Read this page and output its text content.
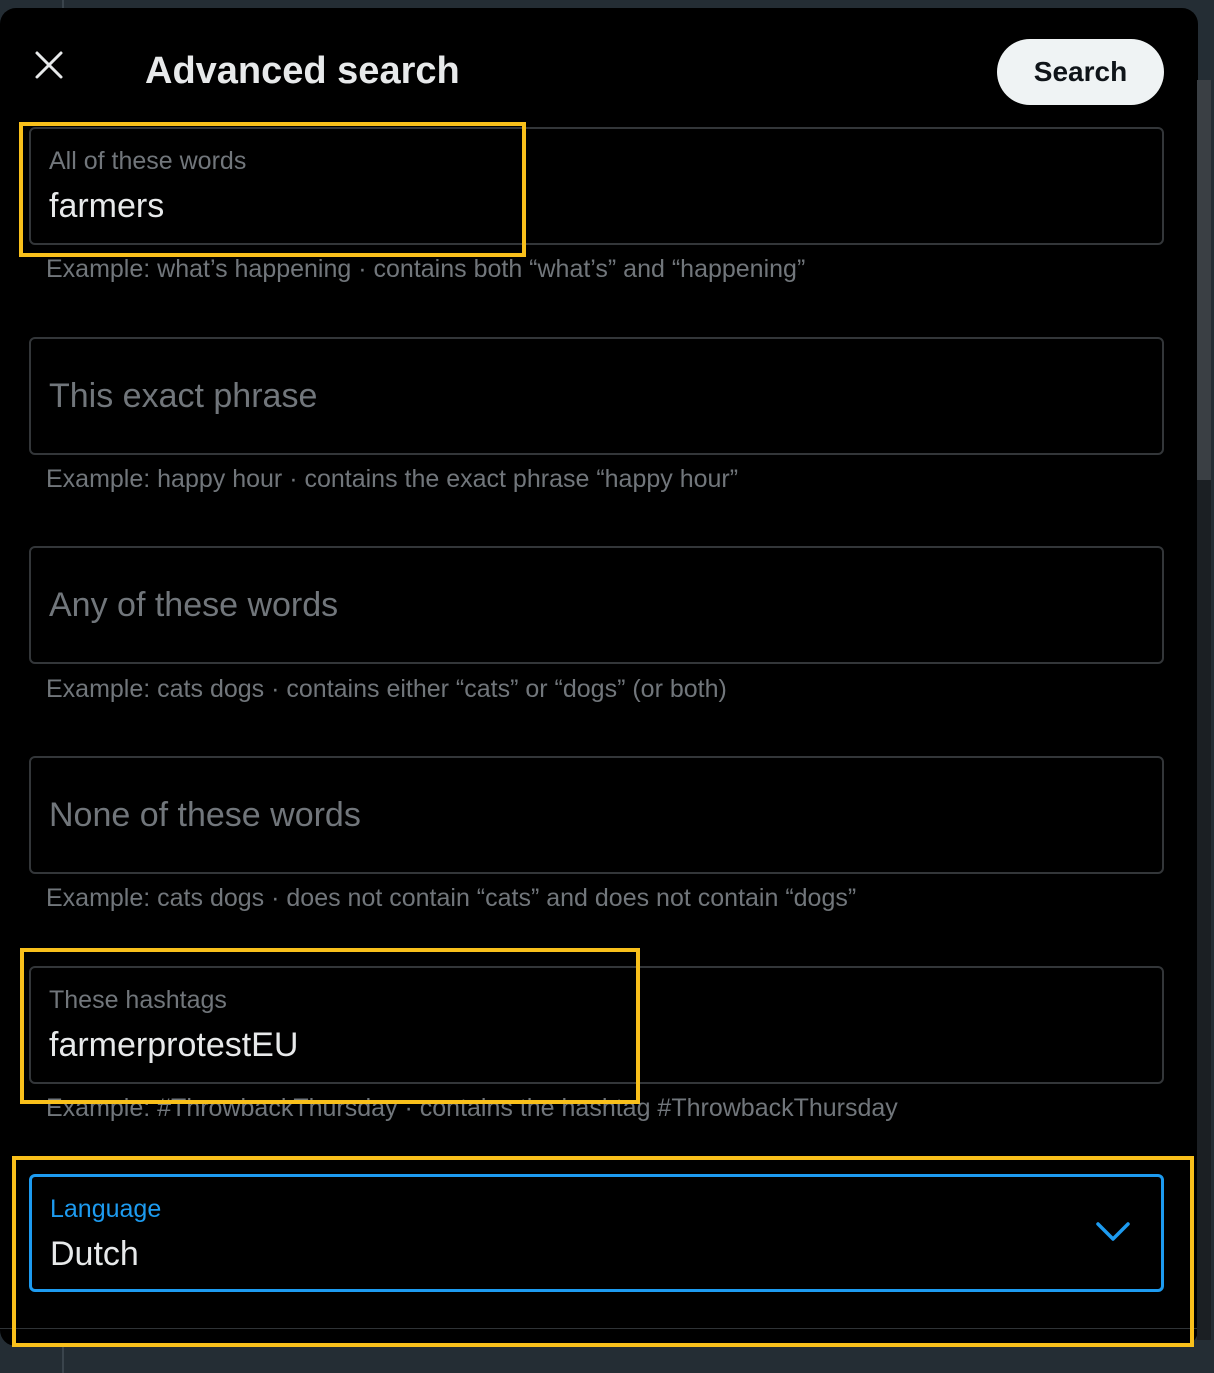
Advanced search	Search
All of these words
farmers
Example: what’s happening · contains both “what’s” and “happening”
This exact phrase
Example: happy hour · contains the exact phrase “happy hour”
Any of these words
Example: cats dogs · contains either “cats” or “dogs” (or both)
None of these words
Example: cats dogs · does not contain “cats” and does not contain “dogs”
These hashtags
farmerprotestEU
Example: #ThrowbackThursday · contains the hashtag #ThrowbackThursday
Language
Dutch
